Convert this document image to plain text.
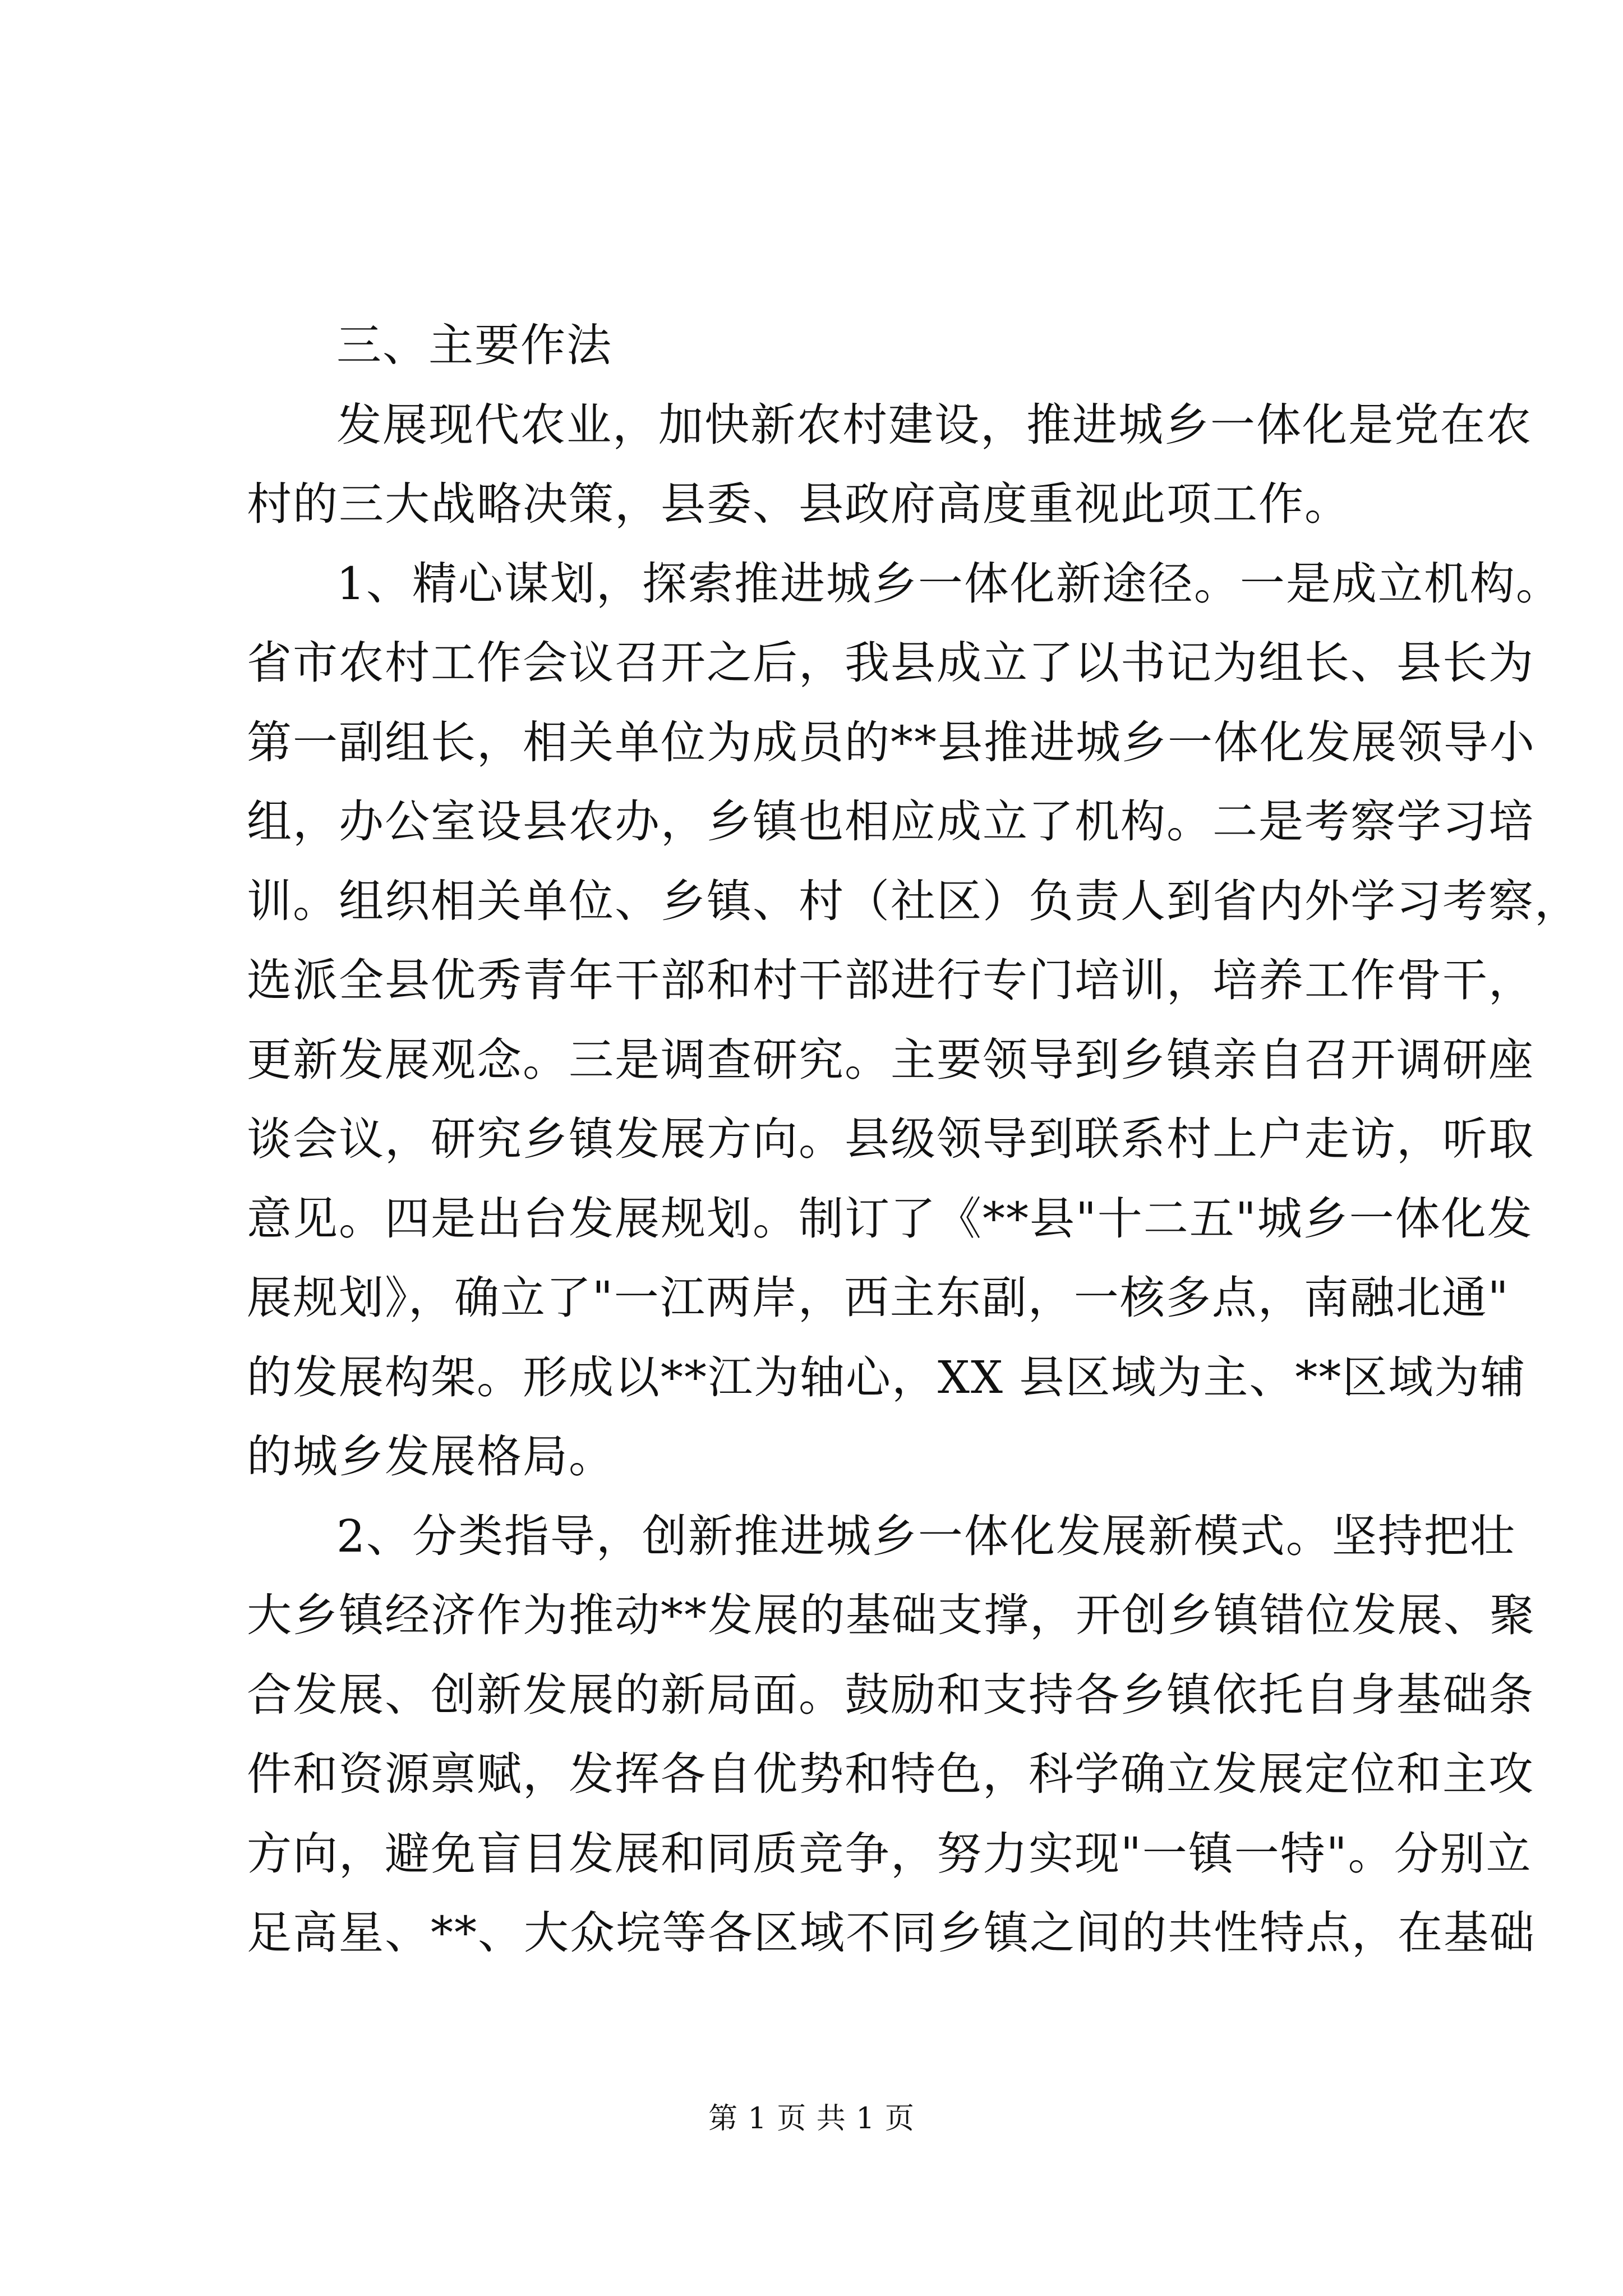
三、主要作法
发展现代农业，加快新农村建设，推进城乡一体化是党在农
村的三大战略决策，县委、县政府高度重视此项工作。
1、精心谋划，探索推进城乡一体化新途径。一是成立机构。
省市农村工作会议召开之后，我县成立了以书记为组长、县长为
第一副组长，相关单位为成员的**县推进城乡一体化发展领导小
组，办公室设县农办，乡镇也相应成立了机构。二是考察学习培
训。组织相关单位、乡镇、村（社区）负责人到省内外学习考察，
选派全县优秀青年干部和村干部进行专门培训，培养工作骨干，
更新发展观念。三是调查研究。主要领导到乡镇亲自召开调研座
谈会议，研究乡镇发展方向。县级领导到联系村上户走访，听取
意见。四是出台发展规划。制订了《**县"十二五"城乡一体化发
展规划》，确立了"一江两岸，西主东副，一核多点，南融北通"
的发展构架。形成以**江为轴心，XX 县区域为主、**区域为辅
的城乡发展格局。
2、分类指导，创新推进城乡一体化发展新模式。坚持把壮
大乡镇经济作为推动**发展的基础支撑，开创乡镇错位发展、聚
合发展、创新发展的新局面。鼓励和支持各乡镇依托自身基础条
件和资源禀赋，发挥各自优势和特色，科学确立发展定位和主攻
方向，避免盲目发展和同质竞争，努力实现"一镇一特"。分别立
足高星、**、大众垸等各区域不同乡镇之间的共性特点，在基础
第 1 页 共 1 页
